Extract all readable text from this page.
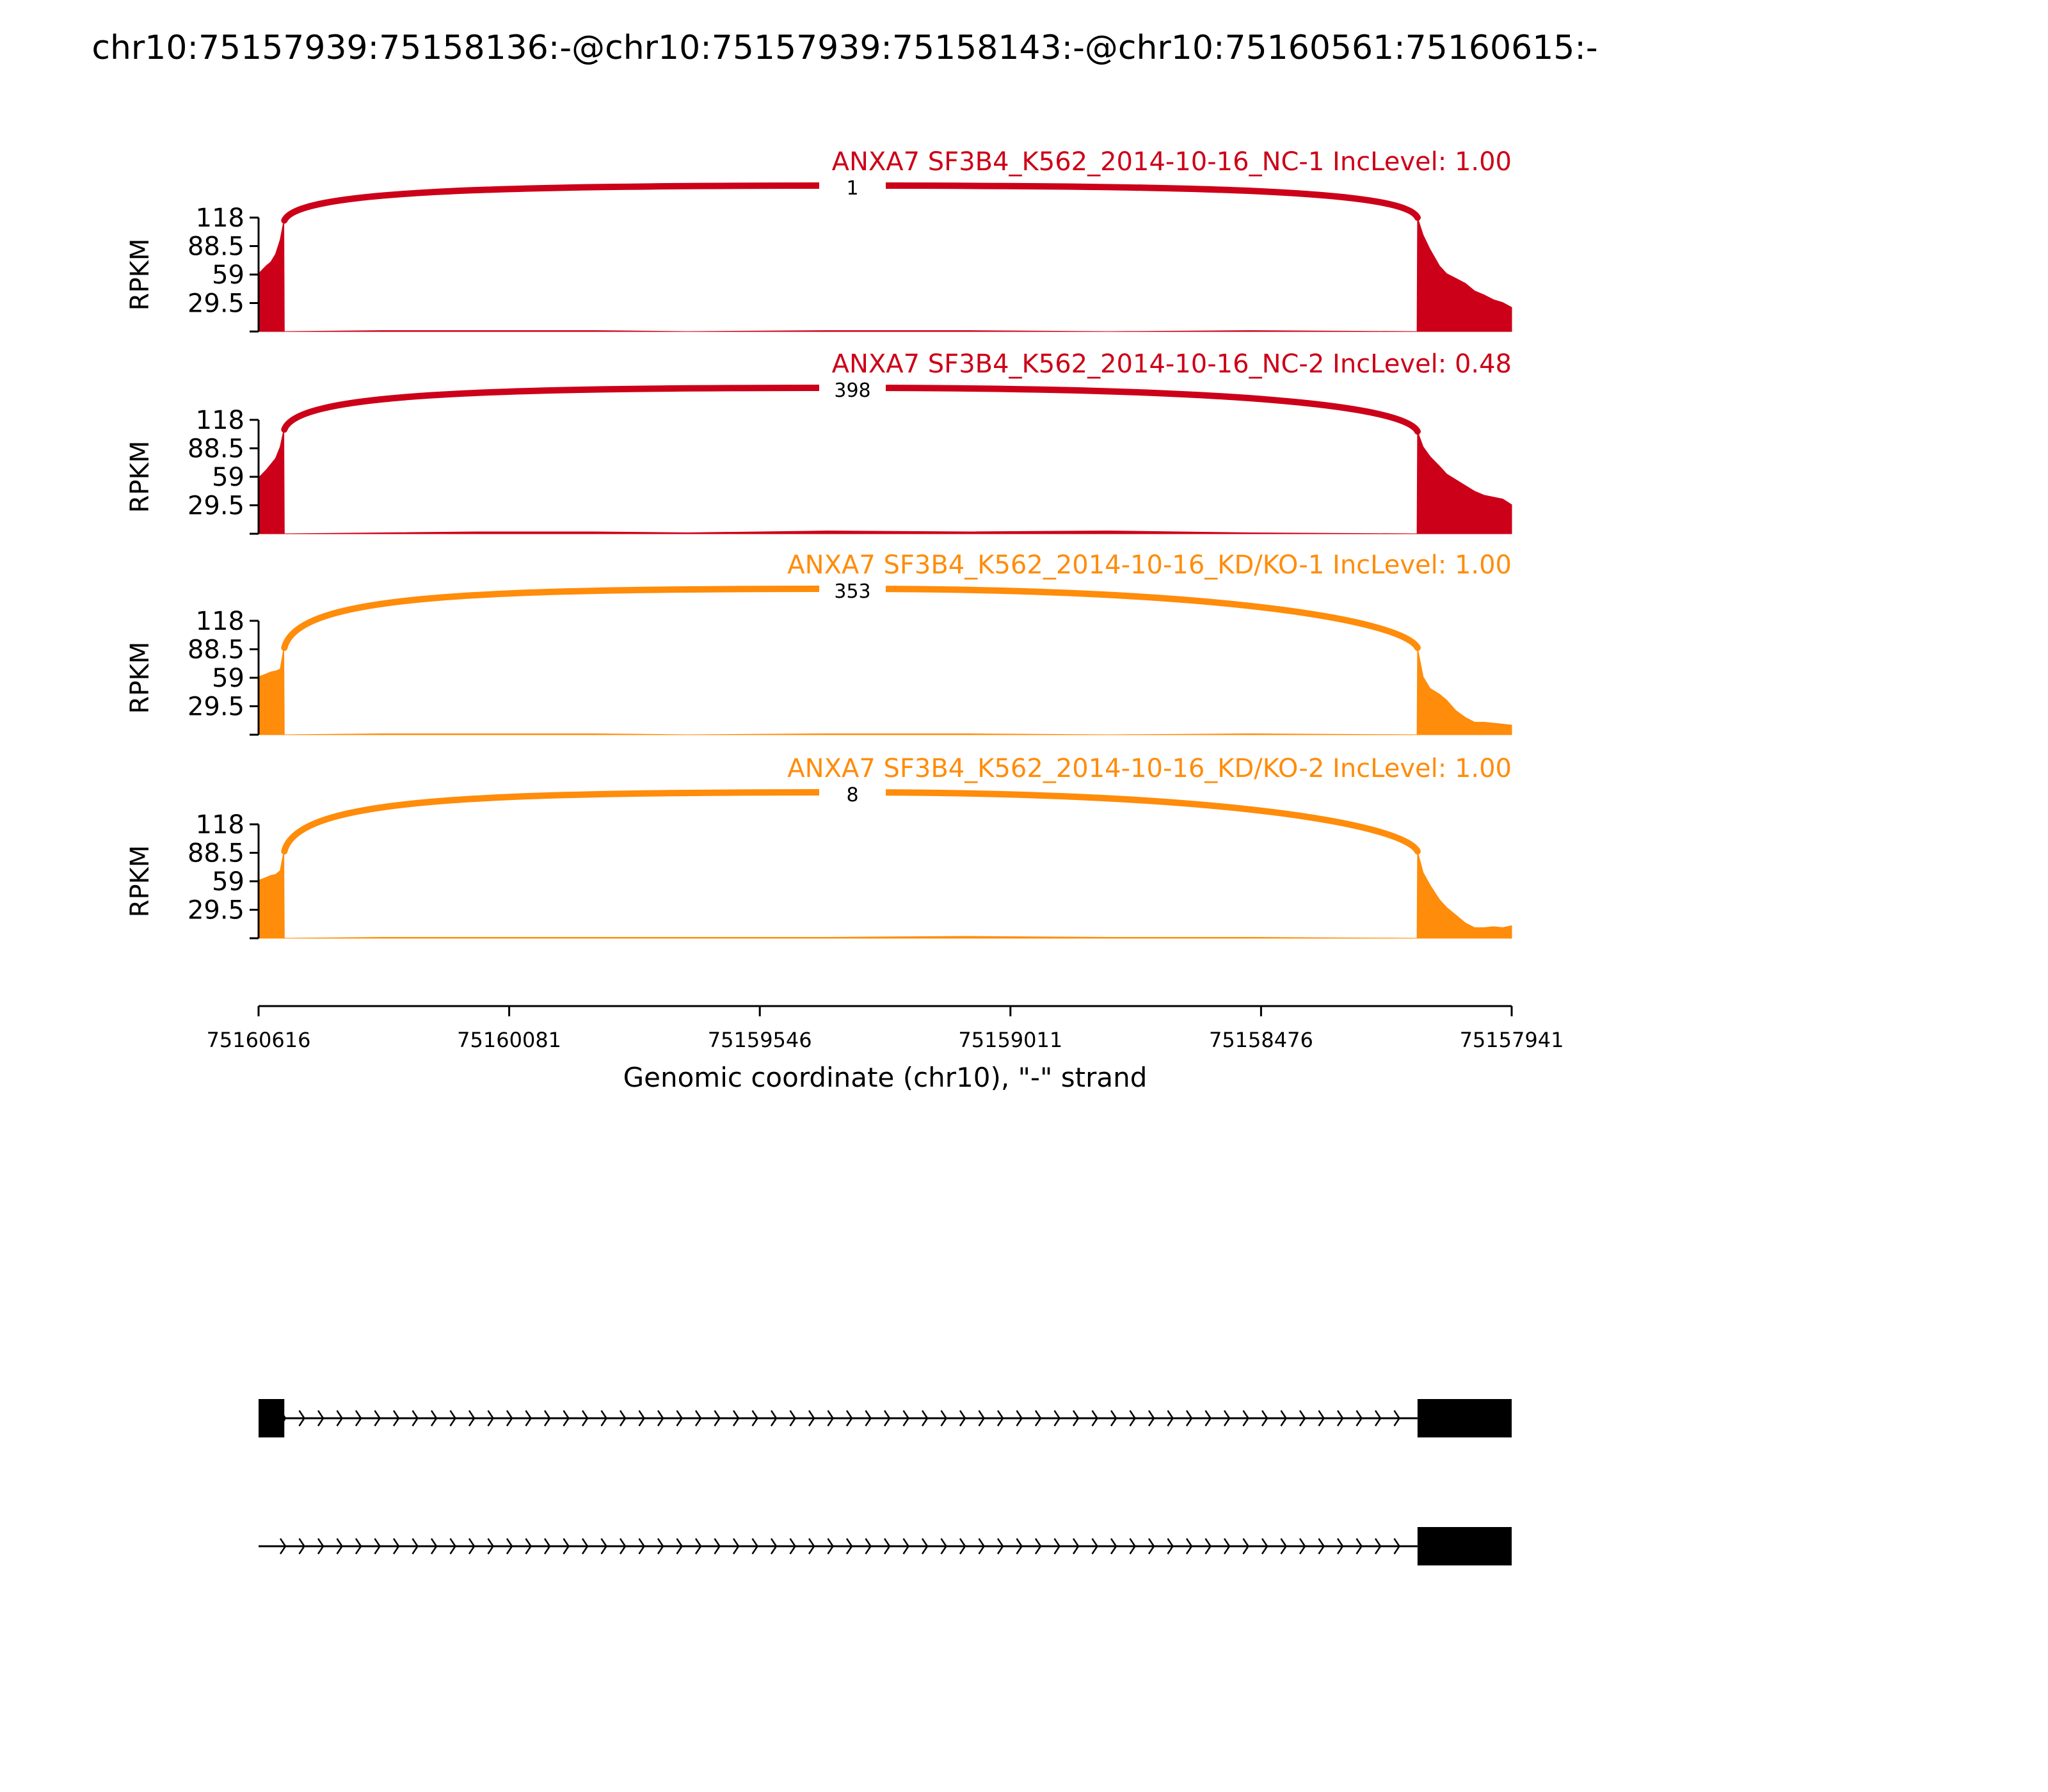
chr10:75157939:75158136:-@chr10:75157939:75158143:-@chr10:75160561:75160615:-
1
ANXA7 SF3B4_K562_2014-10-16_NC-1 IncLevel: 1.00
118
88.5
59
29.5
RPKM
398
ANXA7 SF3B4_K562_2014-10-16_NC-2 IncLevel: 0.48
118
88.5
59
29.5
RPKM
353
ANXA7 SF3B4_K562_2014-10-16_KD/KO-1 IncLevel: 1.00
118
88.5
59
29.5
RPKM
8
ANXA7 SF3B4_K562_2014-10-16_KD/KO-2 IncLevel: 1.00
118
88.5
59
29.5
RPKM
75160616	75160081	75159546	75159011	75158476	75157941
Genomic coordinate (chr10), "-" strand
